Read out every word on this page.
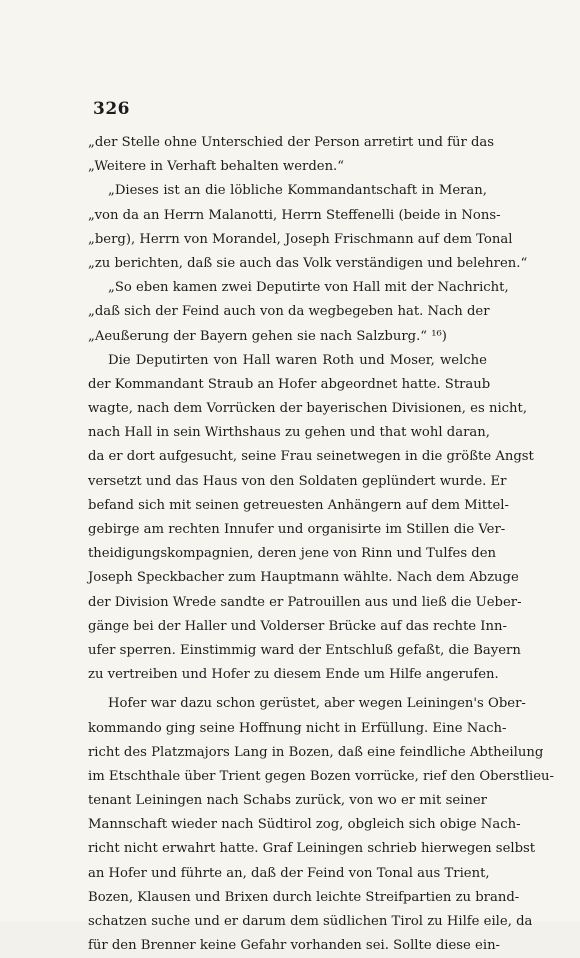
326
„der Stelle ohne Unterschied der Person arretirt und für das
„Weitere in Verhaft behalten werden.“
„Dieses ist an die löbliche Kommandantschaft in Meran,
„von da an Herrn Malanotti, Herrn Steffenelli (beide in Nons-
„berg), Herrn von Morandel, Joseph Frischmann auf dem Tonal
„zu berichten, daß sie auch das Volk verständigen und belehren.“
„So eben kamen zwei Deputirte von Hall mit der Nachricht,
„daß sich der Feind auch von da wegbegeben hat. Nach der
„Aeußerung der Bayern gehen sie nach Salzburg.“ ¹⁶)
Die Deputirten von Hall waren Roth und Moser, welche
der Kommandant Straub an Hofer abgeordnet hatte. Straub
wagte, nach dem Vorrücken der bayerischen Divisionen, es nicht,
nach Hall in sein Wirthshaus zu gehen und that wohl daran,
da er dort aufgesucht, seine Frau seinetwegen in die größte Angst
versetzt und das Haus von den Soldaten geplündert wurde. Er
befand sich mit seinen getreuesten Anhängern auf dem Mittel-
gebirge am rechten Innufer und organisirte im Stillen die Ver-
theidigungskompagnien, deren jene von Rinn und Tulfes den
Joseph Speckbacher zum Hauptmann wählte. Nach dem Abzuge
der Division Wrede sandte er Patrouillen aus und ließ die Ueber-
gänge bei der Haller und Volderser Brücke auf das rechte Inn-
ufer sperren. Einstimmig ward der Entschluß gefaßt, die Bayern
zu vertreiben und Hofer zu diesem Ende um Hilfe angerufen.
Hofer war dazu schon gerüstet, aber wegen Leiningen's Ober-
kommando ging seine Hoffnung nicht in Erfüllung. Eine Nach-
richt des Platzmajors Lang in Bozen, daß eine feindliche Abtheilung
im Etschthale über Trient gegen Bozen vorrücke, rief den Oberstlieu-
tenant Leiningen nach Schabs zurück, von wo er mit seiner
Mannschaft wieder nach Südtirol zog, obgleich sich obige Nach-
richt nicht erwahrt hatte. Graf Leiningen schrieb hierwegen selbst
an Hofer und führte an, daß der Feind von Tonal aus Trient,
Bozen, Klausen und Brixen durch leichte Streifpartien zu brand-
schatzen suche und er darum dem südlichen Tirol zu Hilfe eile, da
für den Brenner keine Gefahr vorhanden sei. Sollte diese ein-
